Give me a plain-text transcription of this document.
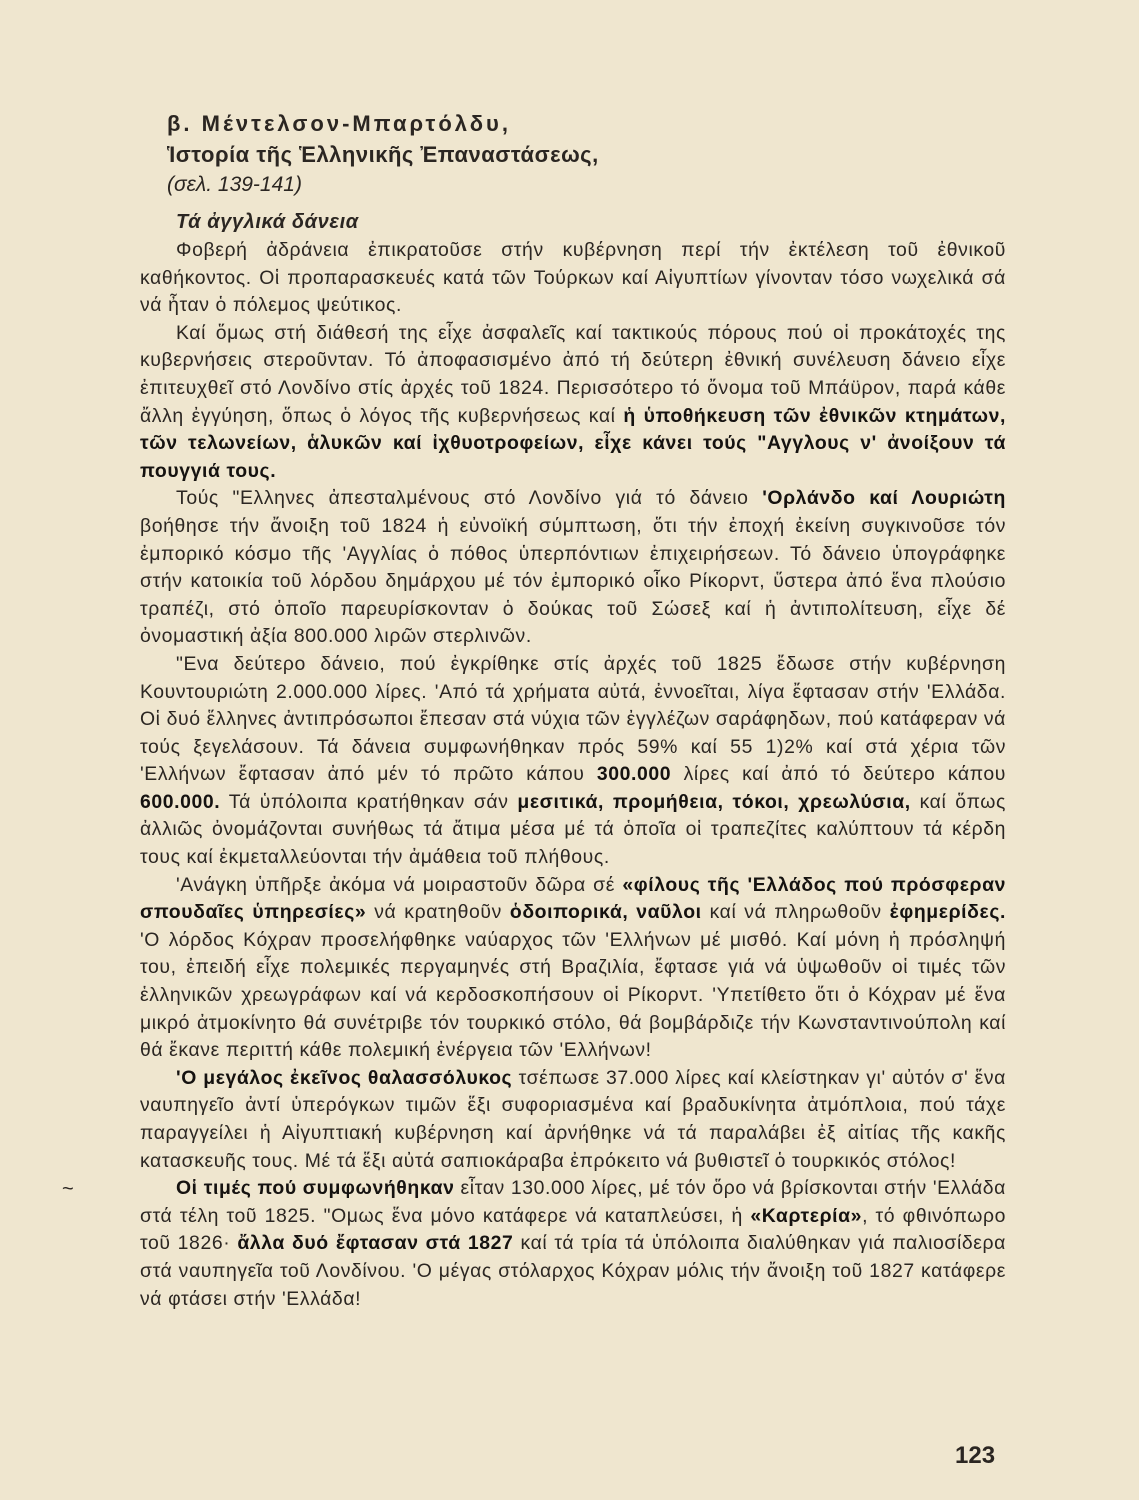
β. Μέντελσον-Μπαρτόλδυ,
Ἱστορία τῆς Ἑλληνικῆς Ἐπαναστάσεως,
(σελ. 139-141)
Τά ἀγγλικά δάνεια

Φοβερή ἀδράνεια ἐπικρατοῦσε στήν κυβέρνηση περί τήν ἐκτέλεση τοῦ ἐθνικοῦ καθήκοντος. Οἱ προπαρασκευές κατά τῶν Τούρκων καί Αἰγυπτίων γίνονταν τόσο νωχελικά σά νά ἦταν ὁ πόλεμος ψεύτικος.

Καί ὅμως στή διάθεσή της εἶχε ἀσφαλεῖς καί τακτικούς πόρους πού οἱ προκάτοχές της κυβερνήσεις στεροῦνταν. Τό ἀποφασισμένο ἀπό τή δεύτερη ἐθνική συνέλευση δάνειο εἶχε ἐπιτευχθεῖ στό Λονδίνο στίς ἀρχές τοῦ 1824. Περισσότερο τό ὄνομα τοῦ Μπάϋρον, παρά κάθε ἄλλη ἐγγύηση, ὅπως ὁ λόγος τῆς κυβερνήσεως καί ἡ ὑποθήκευση τῶν ἐθνικῶν κτημάτων, τῶν τελωνείων, ἁλυκῶν καί ἰχθυοτροφείων, εἶχε κάνει τούς "Αγγλους ν' ἀνοίξουν τά πουγγιά τους.

Τούς "Ελληνες ἀπεσταλμένους στό Λονδίνο γιά τό δάνειο 'Ορλάνδο καί Λουριώτη βοήθησε τήν ἄνοιξη τοῦ 1824 ἡ εὐνοϊκή σύμπτωση, ὅτι τήν ἐποχή ἐκείνη συγκινοῦσε τόν ἐμπορικό κόσμο τῆς 'Αγγλίας ὁ πόθος ὑπερπόντιων ἐπιχειρήσεων. Τό δάνειο ὑπογράφηκε στήν κατοικία τοῦ λόρδου δημάρχου μέ τόν ἐμπορικό οἶκο Ρίκορντ, ὕστερα ἀπό ἕνα πλούσιο τραπέζι, στό ὁποῖο παρευρίσκονταν ὁ δούκας τοῦ Σώσεξ καί ἡ ἀντιπολίτευση, εἶχε δέ ὀνομαστική ἀξία 800.000 λιρῶν στερλινῶν.

"Ενα δεύτερο δάνειο, πού ἐγκρίθηκε στίς ἀρχές τοῦ 1825 ἔδωσε στήν κυβέρνηση Κουντουριώτη 2.000.000 λίρες. 'Από τά χρήματα αὐτά, ἐννοεῖται, λίγα ἔφτασαν στήν 'Ελλάδα. Οἱ δυό ἕλληνες ἀντιπρόσωποι ἔπεσαν στά νύχια τῶν ἐγγλέζων σαράφηδων, πού κατάφεραν νά τούς ξεγελάσουν. Τά δάνεια συμφωνήθηκαν πρός 59% καί 55 1)2% καί στά χέρια τῶν 'Ελλήνων ἔφτασαν ἀπό μέν τό πρῶτο κάπου 300.000 λίρες καί ἀπό τό δεύτερο κάπου 600.000. Τά ὑπόλοιπα κρατήθηκαν σάν μεσιτικά, προμήθεια, τόκοι, χρεωλύσια, καί ὅπως ἀλλιῶς ὀνομάζονται συνήθως τά ἄτιμα μέσα μέ τά ὁποῖα οἱ τραπεζίτες καλύπτουν τά κέρδη τους καί ἐκμεταλλεύονται τήν ἀμάθεια τοῦ πλήθους.

'Ανάγκη ὑπῆρξε ἀκόμα νά μοιραστοῦν δῶρα σέ «φίλους τῆς 'Ελλάδος πού πρόσφεραν σπουδαῖες ὑπηρεσίες» νά κρατηθοῦν ὁδοιπορικά, ναῦλοι καί νά πληρωθοῦν ἐφημερίδες. 'Ο λόρδος Κόχραν προσελήφθηκε ναύαρχος τῶν 'Ελλήνων μέ μισθό. Καί μόνη ἡ πρόσληψή του, ἐπειδή εἶχε πολεμικές περγαμηνές στή Βραζιλία, ἔφτασε γιά νά ὑψωθοῦν οἱ τιμές τῶν ἑλληνικῶν χρεωγράφων καί νά κερδοσκοπήσουν οἱ Ρίκορντ. 'Υπετίθετο ὅτι ὁ Κόχραν μέ ἕνα μικρό ἀτμοκίνητο θά συνέτριβε τόν τουρκικό στόλο, θά βομβάρδιζε τήν Κωνσταντινούπολη καί θά ἔκανε περιττή κάθε πολεμική ἐνέργεια τῶν 'Ελλήνων!

'Ο μεγάλος ἐκεῖνος θαλασσόλυκος τσέπωσε 37.000 λίρες καί κλείστηκαν γι' αὐτόν σ' ἕνα ναυπηγεῖο ἀντί ὑπερόγκων τιμῶν ἕξι συφοριασμένα καί βραδυκίνητα ἀτμόπλοια, πού τάχε παραγγείλει ἡ Αἰγυπτιακή κυβέρνηση καί ἀρνήθηκε νά τά παραλάβει ἐξ αἰτίας τῆς κακῆς κατασκευῆς τους. Μέ τά ἕξι αὐτά σαπιοκάραβα ἐπρόκειτο νά βυθιστεῖ ὁ τουρκικός στόλος!

Οἱ τιμές πού συμφωνήθηκαν εἶταν 130.000 λίρες, μέ τόν ὅρο νά βρίσκονται στήν 'Ελλάδα στά τέλη τοῦ 1825. "Ομως ἕνα μόνο κατάφερε νά καταπλεύσει, ἡ «Καρτερία», τό φθινόπωρο τοῦ 1826· ἄλλα δυό ἔφτασαν στά 1827 καί τά τρία τά ὑπόλοιπα διαλύθηκαν γιά παλιοσίδερα στά ναυπηγεῖα τοῦ Λονδίνου. 'Ο μέγας στόλαρχος Κόχραν μόλις τήν ἄνοιξη τοῦ 1827 κατάφερε νά φτάσει στήν 'Ελλάδα!

~
123
